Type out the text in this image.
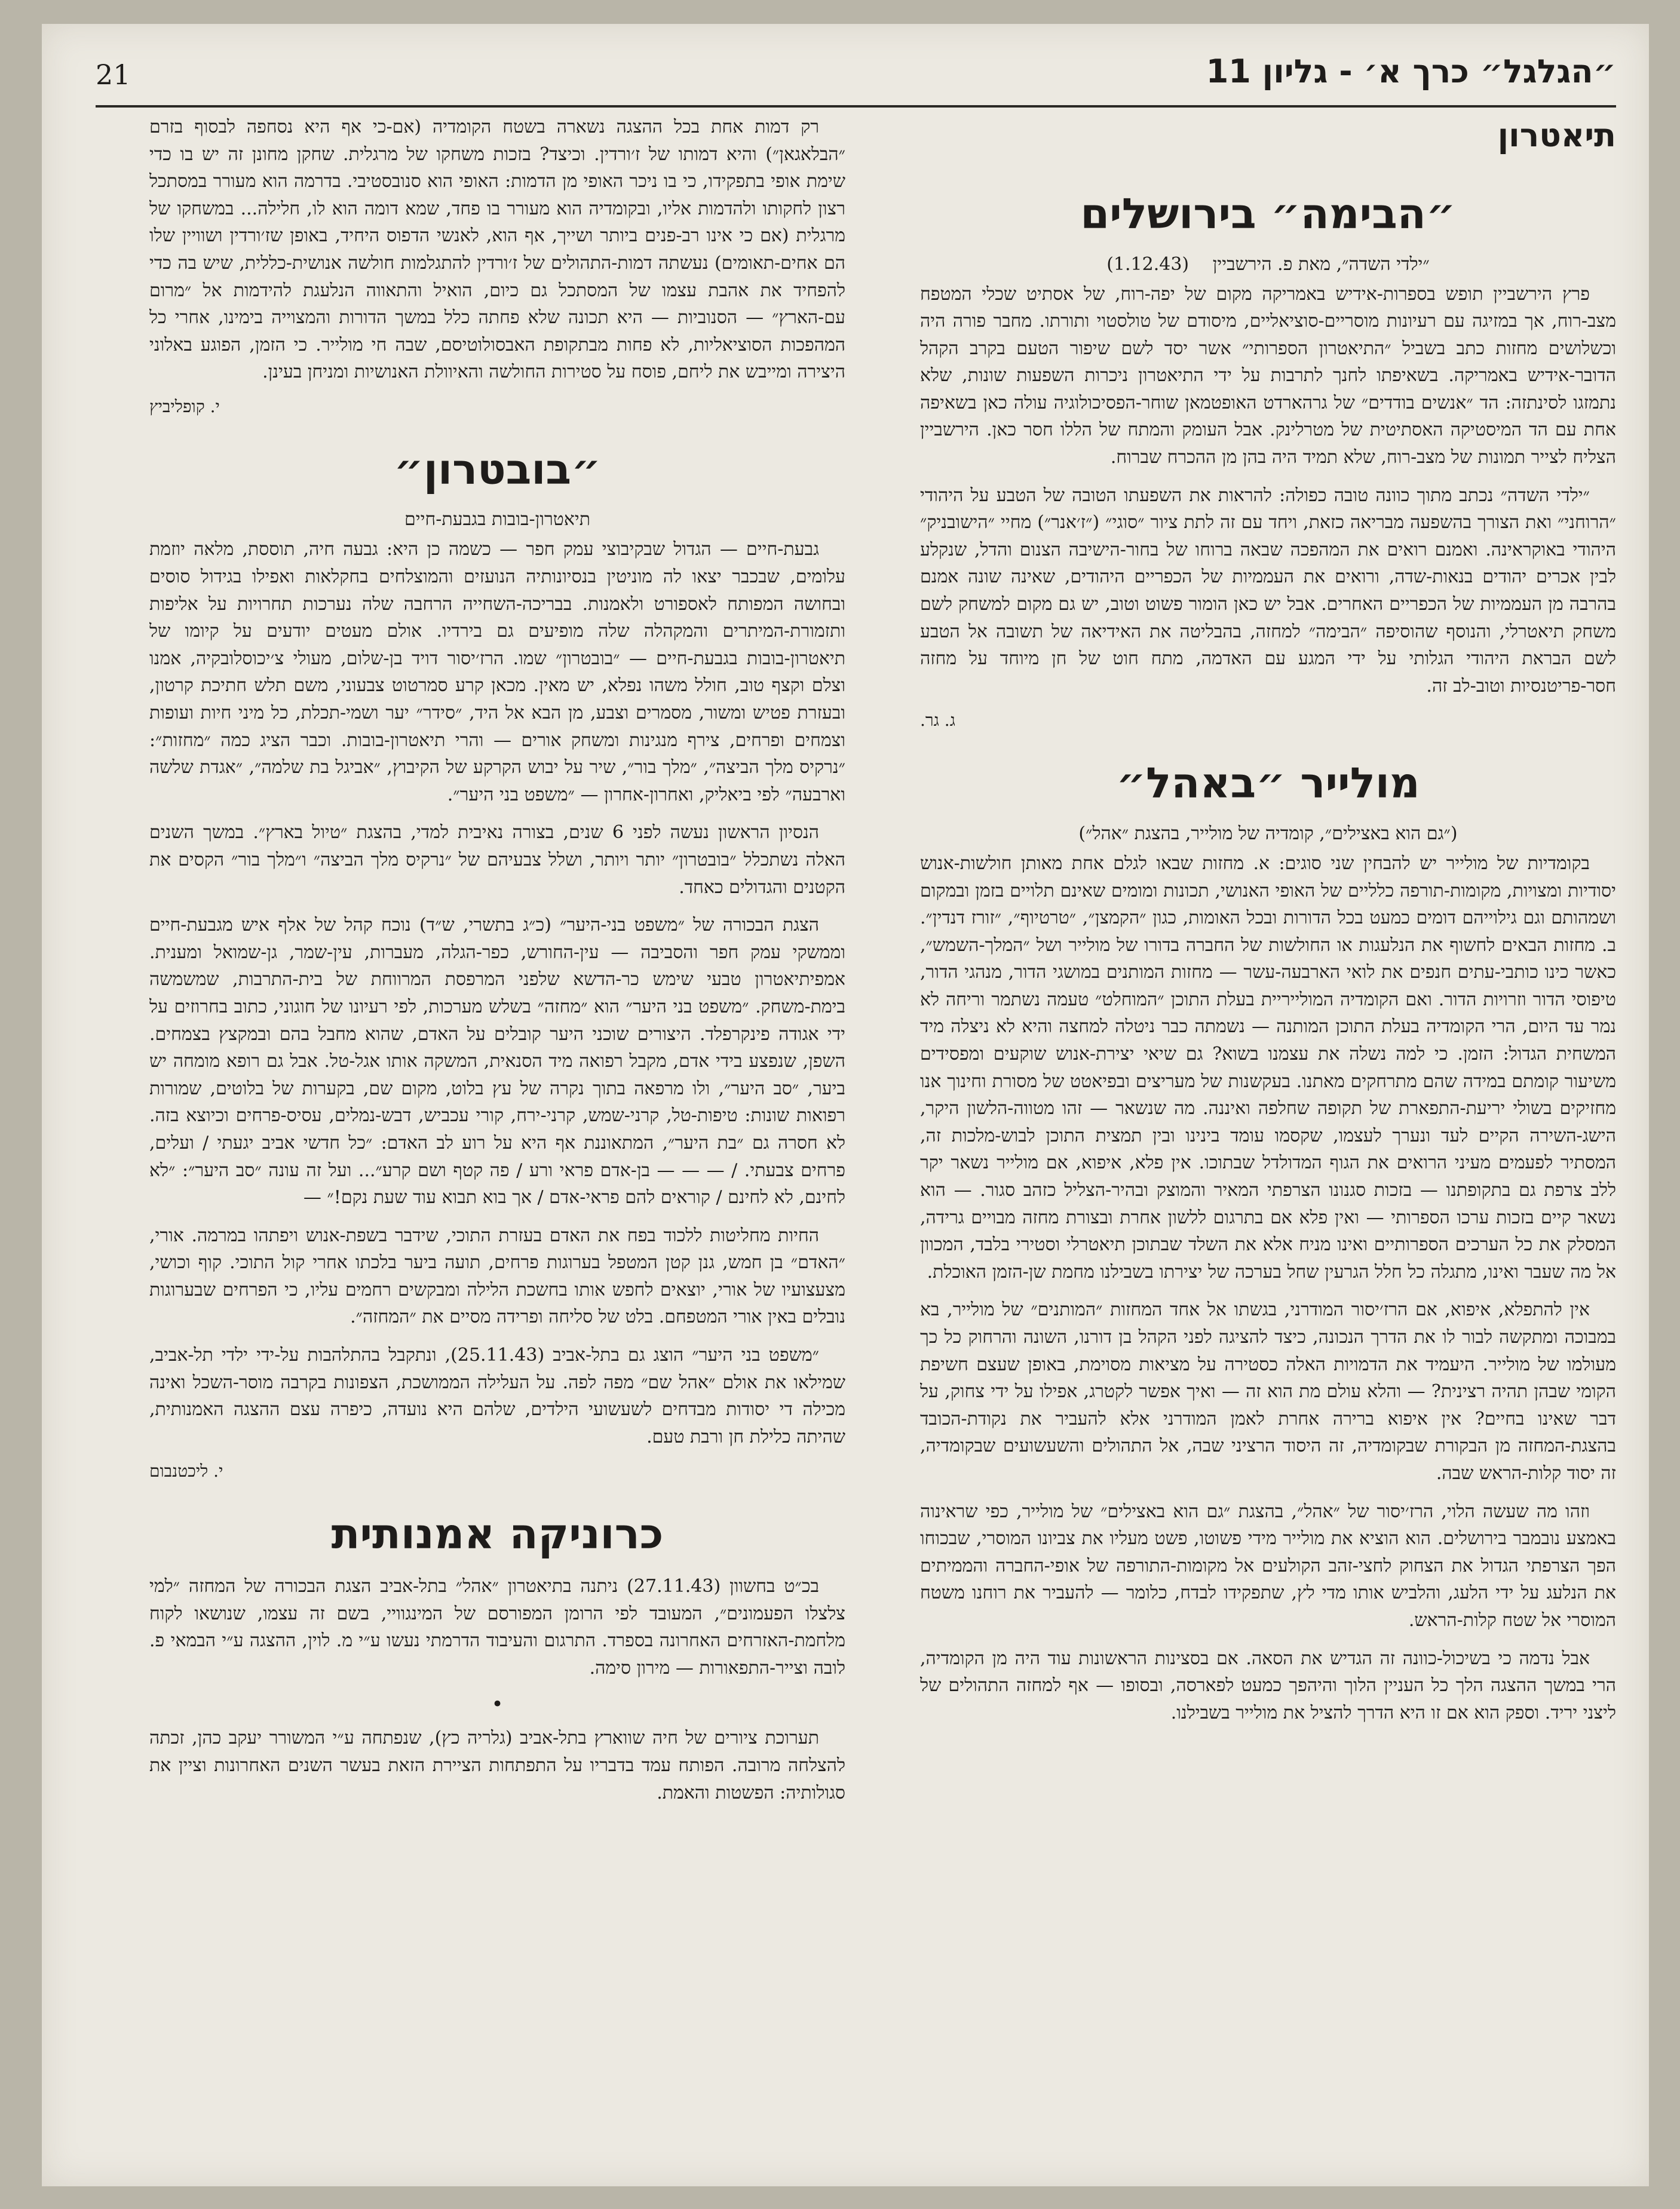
״הגלגל״ כרך א׳ - גליון 11
21
תיאטרון
״הבימה״ בירושלים
״ילדי השדה״, מאת פ. הירשביין (1.12.43)

פרץ הירשביין תופש בספרות-אידיש באמריקה מקום של יפה-רוח, של אסתיט שכלי המטפח מצב-רוח, אך במזיגה עם רעיונות מוסריים-סוציאליים, מיסודם של טולסטוי ותורתו. מחבר פורה היה וכשלושים מחזות כתב בשביל ״התיאטרון הספרותי״ אשר יסד לשם שיפור הטעם בקרב הקהל הדובר-אידיש באמריקה. בשאיפתו לחנך לתרבות על ידי התיאטרון ניכרות השפעות שונות, שלא נתמזגו לסינתזה: הד ״אנשים בודדים״ של גרהארדט האופטמאן שוחר-הפסיכולוגיה עולה כאן בשאיפה אחת עם הד המיסטיקה האסתיטית של מטרלינק. אבל העומק והמתח של הללו חסר כאן. הירשביין הצליח לצייר תמונות של מצב-רוח, שלא תמיד היה בהן מן ההכרח שברוח.

״ילדי השדה״ נכתב מתוך כוונה טובה כפולה: להראות את השפעתו הטובה של הטבע על היהודי ״הרוחני״ ואת הצורך בהשפעה מבריאה כזאת, ויחד עם זה לתת ציור ״סוגי״ (״ז׳אנר״) מחיי ״הישובניק״ היהודי באוקראינה. ואמנם רואים את המהפכה שבאה ברוחו של בחור-הישיבה הצנום והדל, שנקלע לבין אכרים יהודים בנאות-שדה, ורואים את העממיות של הכפריים היהודים, שאינה שונה אמנם בהרבה מן העממיות של הכפריים האחרים. אבל יש כאן הומור פשוט וטוב, יש גם מקום למשחק לשם משחק תיאטרלי, והנוסף שהוסיפה ״הבימה״ למחזה, בהבליטה את האידיאה של תשובה אל הטבע לשם הבראת היהודי הגלותי על ידי המגע עם האדמה, מתח חוט של חן מיוחד על מחזה חסר-פריטנסיות וטוב-לב זה.

ג. גר.
מולייר ״באהל״
(״גם הוא באצילים״, קומדיה של מולייר, בהצגת ״אהל״)

בקומדיות של מולייר יש להבחין שני סוגים: א. מחזות שבאו לגלם אחת מאותן חולשות-אנוש יסודיות ומצויות, מקומות-תורפה כלליים של האופי האנושי, תכונות ומומים שאינם תלויים בזמן ובמקום ושמהותם וגם גילוייהם דומים כמעט בכל הדורות ובכל האומות, כגון ״הקמצן״, ״טרטיוף״, ״זורז דנדין״. ב. מחזות הבאים לחשוף את הנלעגות או החולשות של החברה בדורו של מולייר ושל ״המלך-השמש״, כאשר כינו כותבי-עתים חנפים את לואי הארבעה-עשר — מחזות המותנים במושגי הדור, מנהגי הדור, טיפוסי הדור וזרויות הדור. ואם הקומדיה המולייריית בעלת התוכן ״המוחלט״ טעמה נשתמר וריחה לא נמר עד היום, הרי הקומדיה בעלת התוכן המותנה — נשמתה כבר ניטלה למחצה והיא לא ניצלה מיד המשחית הגדול: הזמן. כי למה נשלה את עצמנו בשוא? גם שיאי יצירת-אנוש שוקעים ומפסידים משיעור קומתם במידה שהם מתרחקים מאתנו. בעקשנות של מעריצים ובפיאטט של מסורת וחינוך אנו מחזיקים בשולי יריעת-התפארת של תקופה שחלפה ואיננה. מה שנשאר — זהו מטווה-הלשון היקר, הישג-השירה הקיים לעד ונערך לעצמו, שקסמו עומד בינינו ובין תמצית התוכן לבוש-מלכות זה, המסתיר לפעמים מעיני הרואים את הגוף המדולדל שבתוכו. אין פלא, איפוא, אם מולייר נשאר יקר ללב צרפת גם בתקופתנו — בזכות סגנונו הצרפתי המאיר והמוצק ובהיר-הצליל כזהב סגור. — הוא נשאר קיים בזכות ערכו הספרותי — ואין פלא אם בתרגום ללשון אחרת ובצורת מחזה מבויים גרידה, המסלק את כל הערכים הספרותיים ואינו מניח אלא את השלד שבתוכן תיאטרלי וסטירי בלבד, המכוון אל מה שעבר ואינו, מתגלה כל חלל הגרעין שחל בערכה של יצירתו בשבילנו מחמת שן-הזמן האוכלת.

אין להתפלא, איפוא, אם הרז׳יסור המודרני, בגשתו אל אחד המחזות ״המותנים״ של מולייר, בא במבוכה ומתקשה לבור לו את הדרך הנכונה, כיצד להציגה לפני הקהל בן דורנו, השונה והרחוק כל כך מעולמו של מולייר. היעמיד את הדמויות האלה כסטירה על מציאות מסוימת, באופן שעצם חשיפת הקומי שבהן תהיה רצינית? — והלא עולם מת הוא זה — ואיך אפשר לקטרג, אפילו על ידי צחוק, על דבר שאינו בחיים? אין איפוא ברירה אחרת לאמן המודרני אלא להעביר את נקודת-הכובד בהצגת-המחזה מן הבקורת שבקומדיה, זה היסוד הרציני שבה, אל התהולים והשעשועים שבקומדיה, זה יסוד קלות-הראש שבה.

וזהו מה שעשה הלוי, הרז׳יסור של ״אהל״, בהצגת ״גם הוא באצילים״ של מולייר, כפי שראינוה באמצע נובמבר בירושלים. הוא הוציא את מולייר מידי פשוטו, פשט מעליו את צביונו המוסרי, שבכוחו הפך הצרפתי הגדול את הצחוק לחצי-זהב הקולעים אל מקומות-התורפה של אופי-החברה והממיתים את הנלעג על ידי הלעג, והלביש אותו מדי לץ, שתפקידו לבדח, כלומר — להעביר את רוחנו משטח המוסרי אל שטח קלות-הראש.

אבל נדמה כי בשיכול-כוונה זה הגדיש את הסאה. אם בסצינות הראשונות עוד היה מן הקומדיה, הרי במשך ההצגה הלך כל העניין הלוך והיהפך כמעט לפארסה, ובסופו — אף למחזה התהולים של ליצני יריד. וספק הוא אם זו היא הדרך להציל את מולייר בשבילנו.

רק דמות אחת בכל ההצגה נשארה בשטח הקומדיה (אם-כי אף היא נסחפה לבסוף בזרם ״הבלאגאן״) והיא דמותו של ז׳ורדין. וכיצד? בזכות משחקו של מרגלית. שחקן מחונן זה יש בו כדי שימת אופי בתפקידו, כי בו ניכר האופי מן הדמות: האופי הוא סנובסטיבי. בדרמה הוא מעורר במסתכל רצון לחקותו ולהדמות אליו, ובקומדיה הוא מעורר בו פחד, שמא דומה הוא לו, חלילה... במשחקו של מרגלית (אם כי אינו רב-פנים ביותר ושייך, אף הוא, לאנשי הדפוס היחיד, באופן שז׳ורדין ושוויין שלו הם אחים-תאומים) נעשתה דמות-התהולים של ז׳ורדין להתגלמות חולשה אנושית-כללית, שיש בה כדי להפחיד את אהבת עצמו של המסתכל גם כיום, הואיל והתאווה הנלעגת להידמות אל ״מרום עם-הארץ״ — הסנוביות — היא תכונה שלא פחתה כלל במשך הדורות והמצוייה בימינו, אחרי כל המהפכות הסוציאליות, לא פחות מבתקופת האבסולוטיסם, שבה חי מולייר. כי הזמן, הפוגע באלוני היצירה ומייבש את ליחם, פוסח על סטירות החולשה והאיוולת האנושיות ומניחן בעינן.

י. קופליביץ
״בובטרון״
תיאטרון-בובות בגבעת-חיים

גבעת-חיים — הגדול שבקיבוצי עמק חפר — כשמה כן היא: גבעה חיה, תוססת, מלאה יוזמת עלומים, שבכבר יצאו לה מוניטין בנסיונותיה הנועזים והמוצלחים בחקלאות ואפילו בגידול סוסים ובחושה המפותח לאספורט ולאמנות. בבריכה-השחייה הרחבה שלה נערכות תחרויות על אליפות ותזמורת-המיתרים והמקהלה שלה מופיעים גם בירדיו. אולם מעטים יודעים על קיומו של תיאטרון-בובות בגבעת-חיים — ״בובטרון״ שמו. הרז׳יסור דויד בן-שלום, מעולי צ׳יכוסלובקיה, אמנו וצלם וקצף טוב, חולל משהו נפלא, יש מאין. מכאן קרע סמרטוט צבעוני, משם תלש חתיכת קרטון, ובעזרת פטיש ומשור, מסמרים וצבע, מן הבא אל היד, ״סידר״ יער ושמי-תכלת, כל מיני חיות ועופות וצמחים ופרחים, צירף מנגינות ומשחק אורים — והרי תיאטרון-בובות. וכבר הציג כמה ״מחזות״: ״נרקיס מלך הביצה״, ״מלך בור״, שיר על יבוש הקרקע של הקיבוץ, ״אביגל בת שלמה״, ״אגדת שלשה וארבעה״ לפי ביאליק, ואחרון-אחרון — ״משפט בני היער״.

הנסיון הראשון נעשה לפני 6 שנים, בצורה נאיבית למדי, בהצגת ״טיול בארץ״. במשך השנים האלה נשתכלל ״בובטרון״ יותר ויותר, ושלל צבעיהם של ״נרקיס מלך הביצה״ ו״מלך בור״ הקסים את הקטנים והגדולים כאחד.

הצגת הבכורה של ״משפט בני-היער״ (כ״ג בתשרי, ש״ד) נוכח קהל של אלף איש מגבעת-חיים וממשקי עמק חפר והסביבה — עין-החורש, כפר-הגלה, מעברות, עין-שמר, גן-שמואל ומענית. אמפיתיאטרון טבעי שימש כר-הדשא שלפני המרפסת המרווחת של בית-התרבות, שמשמשה בימת-משחק. ״משפט בני היער״ הוא ״מחזה״ בשלש מערכות, לפי רעיונו של חוגוני, כתוב בחרוזים על ידי אגודה פינקרפלד. היצורים שוכני היער קובלים על האדם, שהוא מחבל בהם ובמקצץ בצמחים. השפן, שנפצע בידי אדם, מקבל רפואה מיד הסנאית, המשקה אותו אגל-טל. אבל גם רופא מומחה יש ביער, ״סב היער״, ולו מרפאה בתוך נקרה של עץ בלוט, מקום שם, בקערות של בלוטים, שמורות רפואות שונות: טיפות-טל, קרני-שמש, קרני-ירח, קורי עכביש, דבש-נמלים, עסיס-פרחים וכיוצא בזה. לא חסרה גם ״בת היער״, המתאוננת אף היא על רוע לב האדם: ״כל חדשי אביב יגעתי / ועלים, פרחים צבעתי. / — — — בן-אדם פראי ורע / פה קטף ושם קרע״... ועל זה עונה ״סב היער״: ״לא לחינם, לא לחינם / קוראים להם פראי-אדם / אך בוא תבוא עוד שעת נקם!״ —

החיות מחליטות ללכוד בפח את האדם בעזרת התוכי, שידבר בשפת-אנוש ויפתהו במרמה. אורי, ״האדם״ בן חמש, גנן קטן המטפל בערוגות פרחים, תועה ביער בלכתו אחרי קול התוכי. קוף וכושי, מצעצועיו של אורי, יוצאים לחפש אותו בחשכת הלילה ומבקשים רחמים עליו, כי הפרחים שבערוגות נובלים באין אורי המטפחם. בלט של סליחה ופרידה מסיים את ״המחזה״.

״משפט בני היער״ הוצג גם בתל-אביב (25.11.43), ונתקבל בהתלהבות על-ידי ילדי תל-אביב, שמילאו את אולם ״אהל שם״ מפה לפה. על העלילה הממושכת, הצפונות בקרבה מוסר-השכל ואינה מכילה די יסודות מבדחים לשעשועי הילדים, שלהם היא נועדה, כיפרה עצם ההצגה האמנותית, שהיתה כלילת חן ורבת טעם.

י. ליכטנבום
כרוניקה אמנותית

בכ״ט בחשוון (27.11.43) ניתנה בתיאטרון ״אהל״ בתל-אביב הצגת הבכורה של המחזה ״למי צלצלו הפעמונים״, המעובד לפי הרומן המפורסם של המינגוויי, בשם זה עצמו, שנושאו לקוח מלחמת-האזרחים האחרונה בספרד. התרגום והעיבוד הדרמתי נעשו ע״י מ. לוין, ההצגה ע״י הבמאי פ. לובה וצייר-התפאורות — מירון סימה.

•

תערוכת ציורים של חיה שווארץ בתל-אביב (גלריה כץ), שנפתחה ע״י המשורר יעקב כהן, זכתה להצלחה מרובה. הפותח עמד בדבריו על התפתחות הציירת הזאת בעשר השנים האחרונות וציין את סגולותיה: הפשטות והאמת.
